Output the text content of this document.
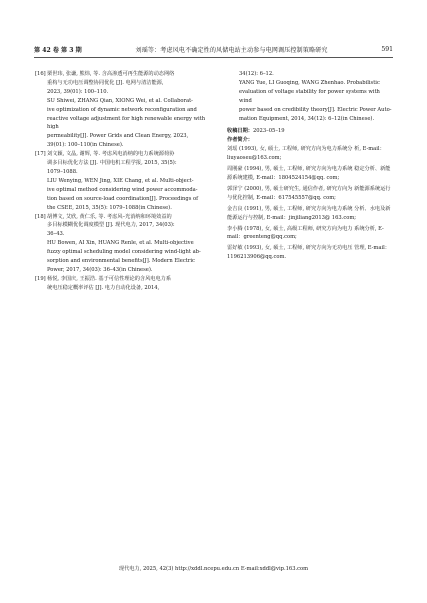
第 42 卷 第 3 期	刘瑶等：考虑风电不确定性的风储电站主动参与电网调压控制策略研究	591
[16] 栗世玮, 张谦, 熊炜, 等. 含高渗透可再生能源的动态网络
重构与无功电压调整协同优化 [J]. 电网与清洁能源,
2023, 39(01): 100–110.
SU Shiwei, ZHANG Qian, XIONG Wei, et al. Collaborat-
ive optimization of dynamic network reconfiguration and
reactive voltage adjustment for high renewable energy with high
permeability[J]. Power Grids and Clean Energy, 2023,
39(01): 100–110(in Chinese).
[17] 刘文颖, 文晶, 谢辉, 等. 考虑风电消纳的电力系统源荷协
调多目标优化方法 [J]. 中国电机工程学报, 2015, 35(5):
1079–1088.
LIU Wenying, WEN Jing, XIE Chang, et al. Multi-object-
ive optimal method considering wind power accommoda-
tion based on source-load coordination[J]. Proceedings of
the CSEE, 2015, 35(5): 1079–1088(in Chinese).
[18] 胡博文, 艾欣, 黄仁乐, 等. 考虑风–光消纳和环境效益的
多目标模糊优化调度模型 [J]. 现代电力, 2017, 34(03):
36–43.
HU Bowen, AI Xin, HUANG Renle, et al. Multi-objective
fuzzy optimal scheduling model considering wind-light ab-
sorption and environmental benefits[J]. Modern Electric
Power, 2017, 34(03): 36–43(in Chinese).
[19] 杨悦, 李国庆, 王振浩. 基于可信性理论的含风电电力系
统电压稳定概率评估 [J]. 电力自动化设备, 2014,
34(12): 6–12.
YANG Yue, LI Guoqing, WANG Zhenhao. Probabilistic
evaluation of voltage stability for power systems with wind
power based on credibility theory[J]. Electric Power Auto-
mation Equipment, 2014, 34(12): 6–12(in Chinese).

收稿日期：2023–05–19

作者简介：

刘瑶 (1993), 女, 硕士, 工程师, 研究方向为电力系统分 析, E-mail：liuyaoseu@163.com;

周刚豪 (1994), 男, 硕士, 工程师, 研究方向为电力系统 稳定分析、新能源系统建模, E-mail：1804524154@qq. com;

郭泽宁 (2000), 男, 硕士研究生, 通信作者, 研究方向为 新能源系统运行与优化控制, E-mail：617545557@qq. com;

金吉良 (1991), 男, 硕士, 工程师, 研究方向为电力系统 分析、水电及新能源运行与控制, E-mail：jinjiliang2013@ 163.com;

李小腾 (1978), 女, 硕士, 高级工程师, 研究方向为电力 系统分析, E-mail：greenteng@qq.com;

雷好敏 (1993), 女, 硕士, 工程师, 研究方向为无功电压 管理, E-mail：1196213906@qq.com.

现代电力, 2025, 42(3) http://xddl.ncepu.edu.cn E-mail:xddl@vip.163.com
